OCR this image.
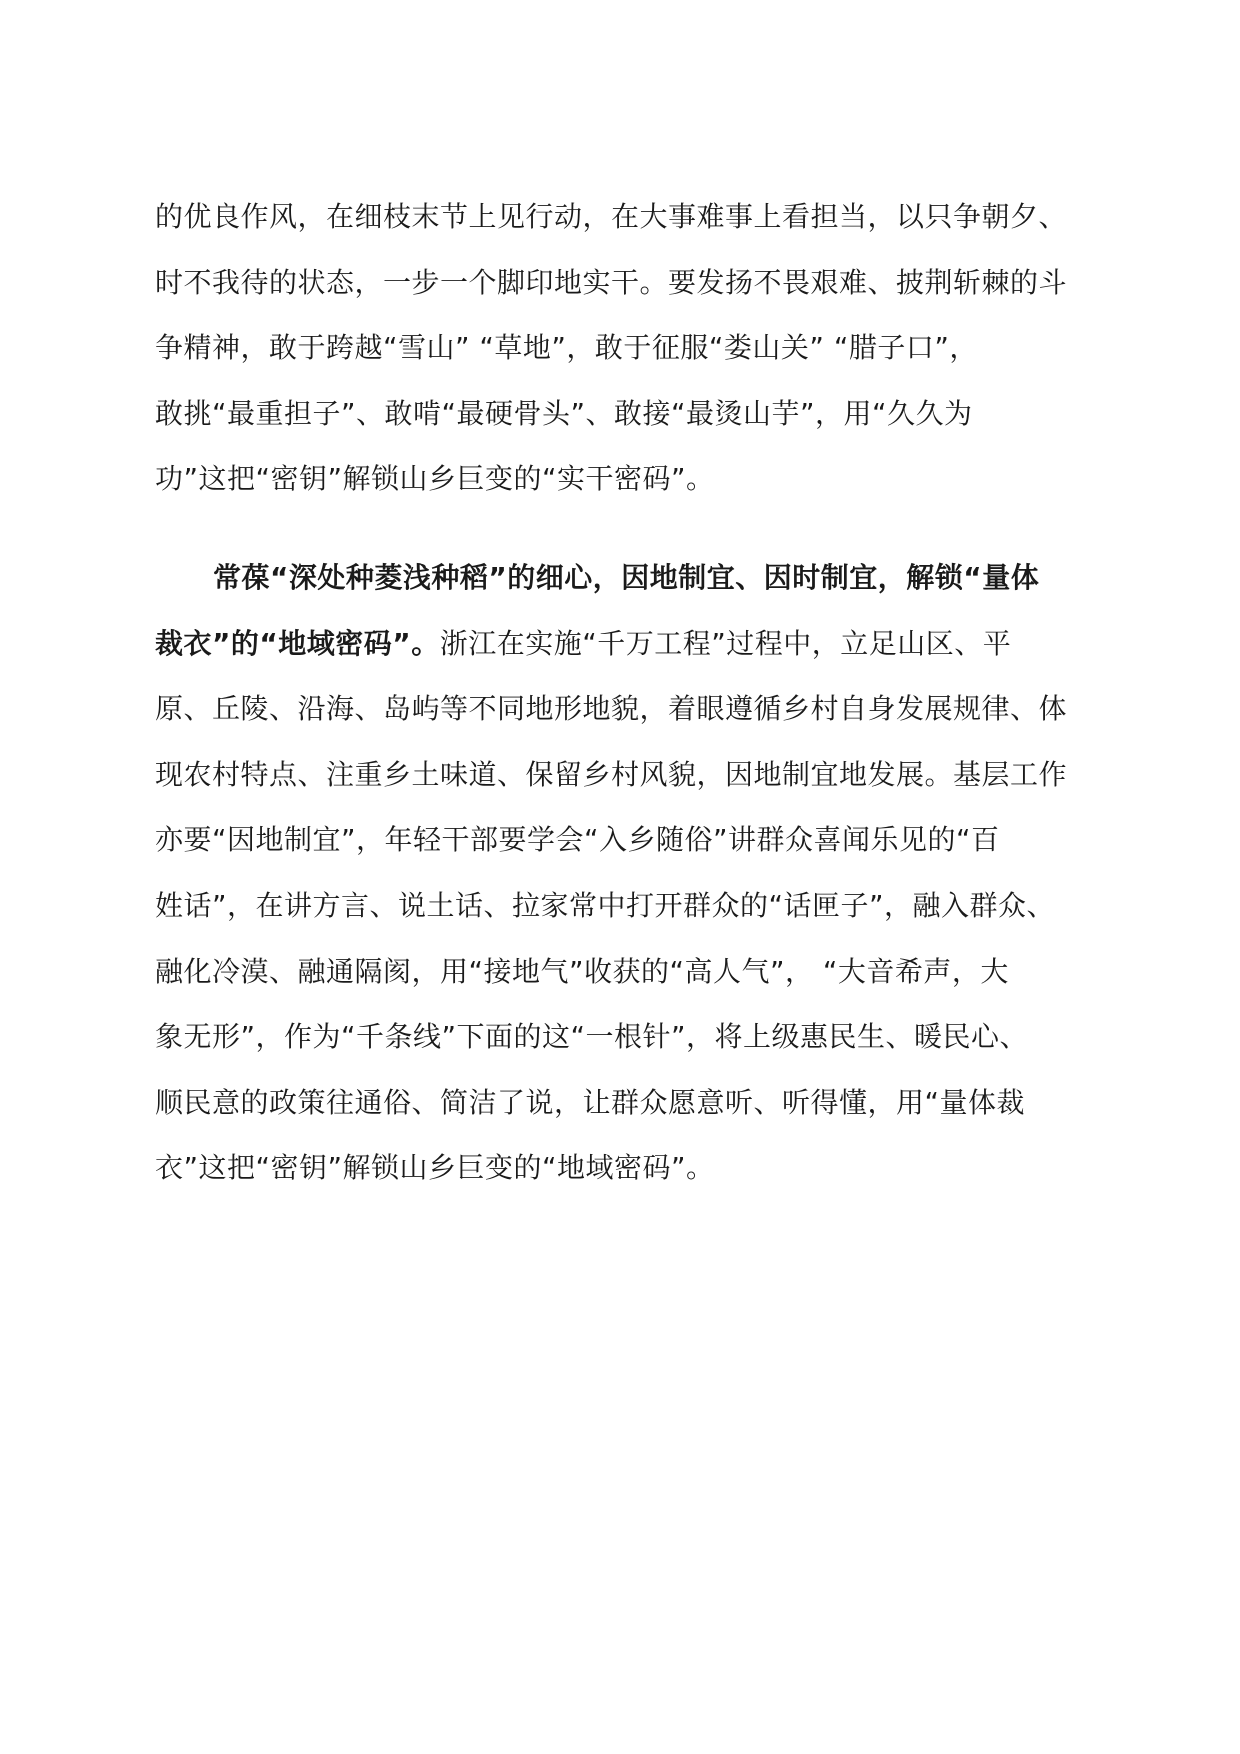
的优良作风，在细枝末节上见行动，在大事难事上看担当，以只争朝夕、
时不我待的状态，一步一个脚印地实干。要发扬不畏艰难、披荆斩棘的斗
争精神，敢于跨越“雪山” “草地”，敢于征服“娄山关” “腊子口”，
敢挑“最重担子”、敢啃“最硬骨头”、敢接“最烫山芋”，用“久久为
功”这把“密钥”解锁山乡巨变的“实干密码”。

常葆“深处种菱浅种稻”的细心，因地制宜、因时制宜，解锁“量体
裁衣”的“地域密码”。浙江在实施“千万工程”过程中，立足山区、平
原、丘陵、沿海、岛屿等不同地形地貌，着眼遵循乡村自身发展规律、体
现农村特点、注重乡土味道、保留乡村风貌，因地制宜地发展。基层工作
亦要“因地制宜”，年轻干部要学会“入乡随俗”讲群众喜闻乐见的“百
姓话”，在讲方言、说土话、拉家常中打开群众的“话匣子”，融入群众、
融化冷漠、融通隔阂，用“接地气”收获的“高人气”， “大音希声，大
象无形”，作为“千条线”下面的这“一根针”，将上级惠民生、暖民心、
顺民意的政策往通俗、简洁了说，让群众愿意听、听得懂，用“量体裁
衣”这把“密钥”解锁山乡巨变的“地域密码”。
